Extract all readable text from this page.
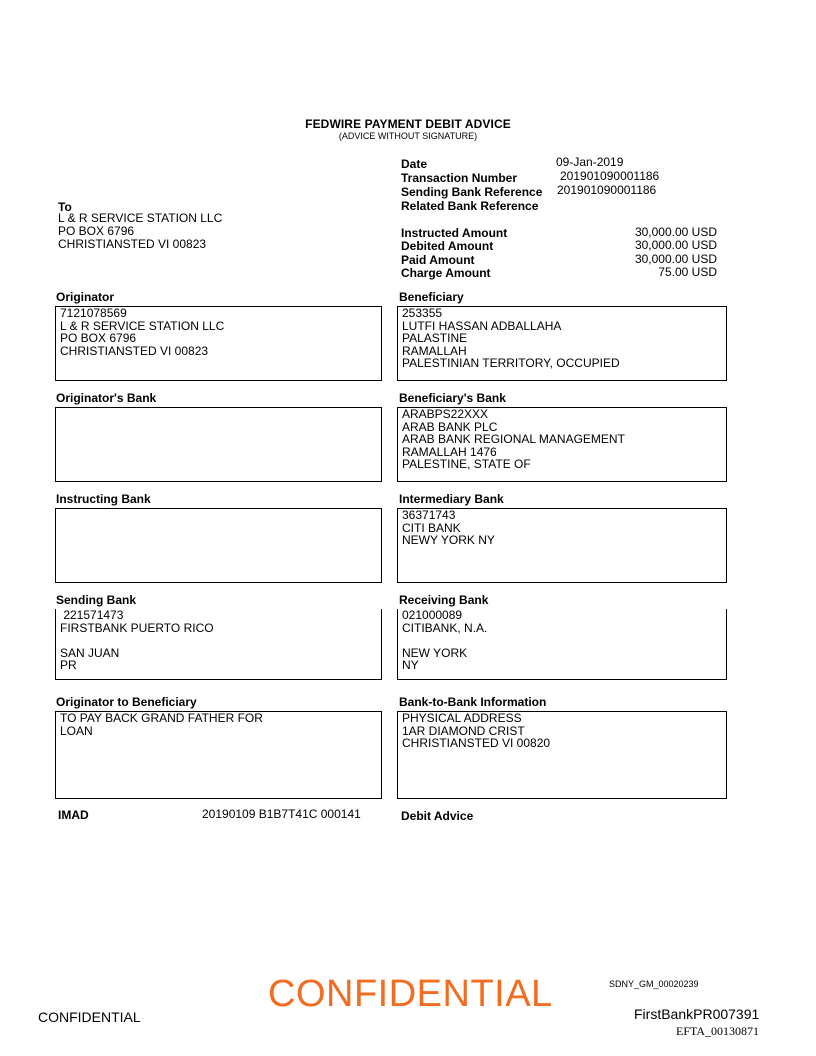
FEDWIRE PAYMENT DEBIT ADVICE
(ADVICE WITHOUT SIGNATURE)
Date	09-Jan-2019
Transaction Number	201901090001186
Sending Bank Reference 201901090001186
Related Bank Reference
To
L & R SERVICE STATION LLC
PO BOX 6796
CHRISTIANSTED VI 00823
Instructed Amount	30,000.00 USD
Debited Amount	30,000.00 USD
Paid Amount	30,000.00 USD
Charge Amount	75.00 USD
Originator
7121078569
L & R SERVICE STATION LLC
PO BOX 6796
CHRISTIANSTED VI 00823
Beneficiary
253355
LUTFI HASSAN ADBALLAHA
PALASTINE
RAMALLAH
PALESTINIAN TERRITORY, OCCUPIED
Originator's Bank	Beneficiary's Bank
ARABPS22XXX
ARAB BANK PLC
ARAB BANK REGIONAL MANAGEMENT
RAMALLAH 1476
PALESTINE, STATE OF
Instructing Bank	Intermediary Bank
36371743
CITI BANK
NEWY YORK NY
Sending Bank
221571473
FIRSTBANK PUERTO RICO
SAN JUAN
PR
Receiving Bank
021000089
CITIBANK, N.A.
NEW YORK
NY
Originator to Beneficiary
TO PAY BACK GRAND FATHER FOR
LOAN
Bank-to-Bank Information
PHYSICAL ADDRESS
1AR DIAMOND CRIST
CHRISTIANSTED VI 00820
IMAD	20190109 B1B7T41C 000141	Debit Advice
CONFIDENTIAL
CONFIDENTIAL	SDNY_GM_00020239
FirstBankPR007391
EFTA_00130871
